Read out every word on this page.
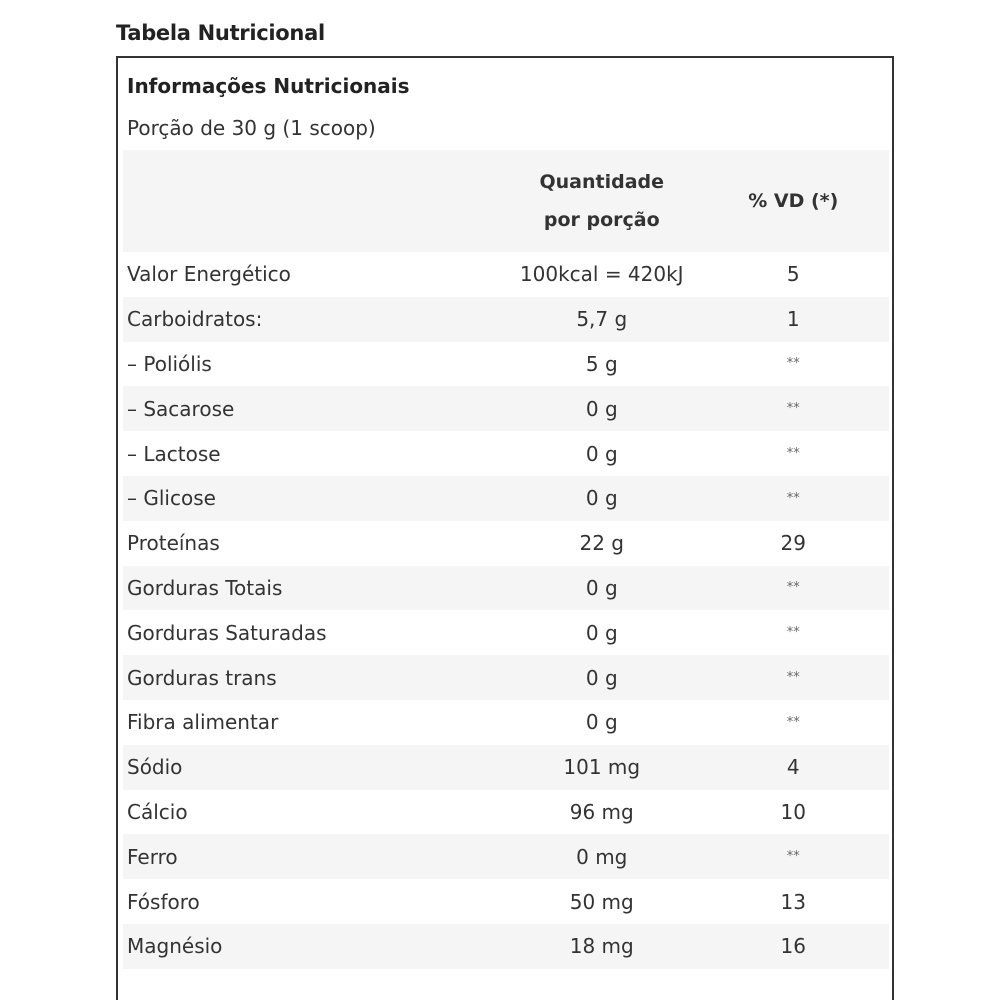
Tabela Nutricional
Informações Nutricionais
Porção de 30 g (1 scoop)
Quantidade
por porção
% VD (*)
Valor Energético	100kcal = 420kJ	5
Carboidratos:	5,7 g	1
– Poliólis	5 g	**
– Sacarose	0 g	**
– Lactose	0 g	**
– Glicose	0 g	**
Proteínas	22 g	29
Gorduras Totais	0 g	**
Gorduras Saturadas	0 g	**
Gorduras trans	0 g	**
Fibra alimentar	0 g	**
Sódio	101 mg	4
Cálcio	96 mg	10
Ferro	0 mg	**
Fósforo	50 mg	13
Magnésio	18 mg	16
